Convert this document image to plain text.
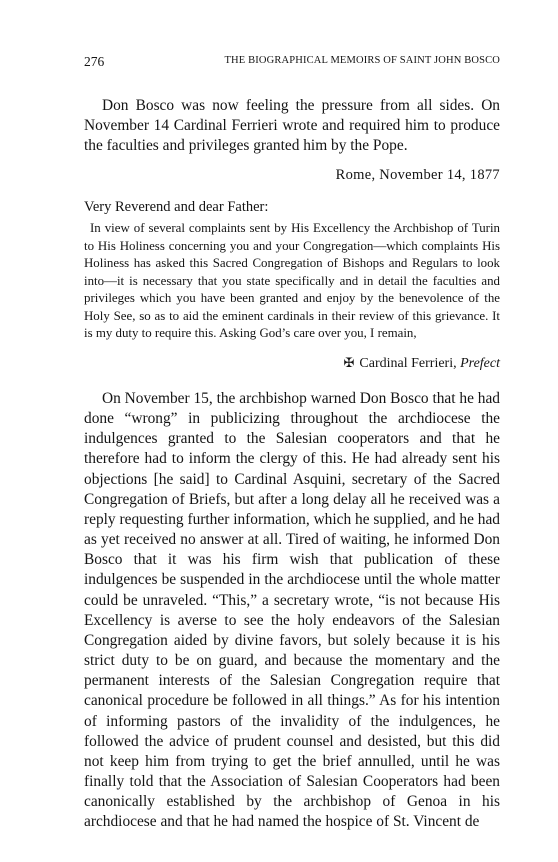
276	THE BIOGRAPHICAL MEMOIRS OF SAINT JOHN BOSCO

Don Bosco was now feeling the pressure from all sides. On November 14 Cardinal Ferrieri wrote and required him to produce the faculties and privileges granted him by the Pope.

Rome, November 14, 1877

Very Reverend and dear Father:

In view of several complaints sent by His Excellency the Archbishop of Turin to His Holiness concerning you and your Congregation—which complaints His Holiness has asked this Sacred Congregation of Bishops and Regulars to look into—it is necessary that you state specifically and in detail the faculties and privileges which you have been granted and enjoy by the benevolence of the Holy See, so as to aid the eminent cardinals in their review of this grievance. It is my duty to require this. Asking God’s care over you, I remain,

✠ Cardinal Ferrieri, Prefect

On November 15, the archbishop warned Don Bosco that he had done “wrong” in publicizing throughout the archdiocese the indulgences granted to the Salesian cooperators and that he therefore had to inform the clergy of this. He had already sent his objections [he said] to Cardinal Asquini, secretary of the Sacred Congregation of Briefs, but after a long delay all he received was a reply requesting further information, which he supplied, and he had as yet received no answer at all. Tired of waiting, he informed Don Bosco that it was his firm wish that publication of these indulgences be suspended in the archdiocese until the whole matter could be unraveled. “This,” a secretary wrote, “is not because His Excellency is averse to see the holy endeavors of the Salesian Congregation aided by divine favors, but solely because it is his strict duty to be on guard, and because the momentary and the permanent interests of the Salesian Congregation require that canonical procedure be followed in all things.” As for his intention of informing pastors of the invalidity of the indulgences, he followed the advice of prudent counsel and desisted, but this did not keep him from trying to get the brief annulled, until he was finally told that the Association of Salesian Cooperators had been canonically established by the archbishop of Genoa in his archdiocese and that he had named the hospice of St. Vincent de
